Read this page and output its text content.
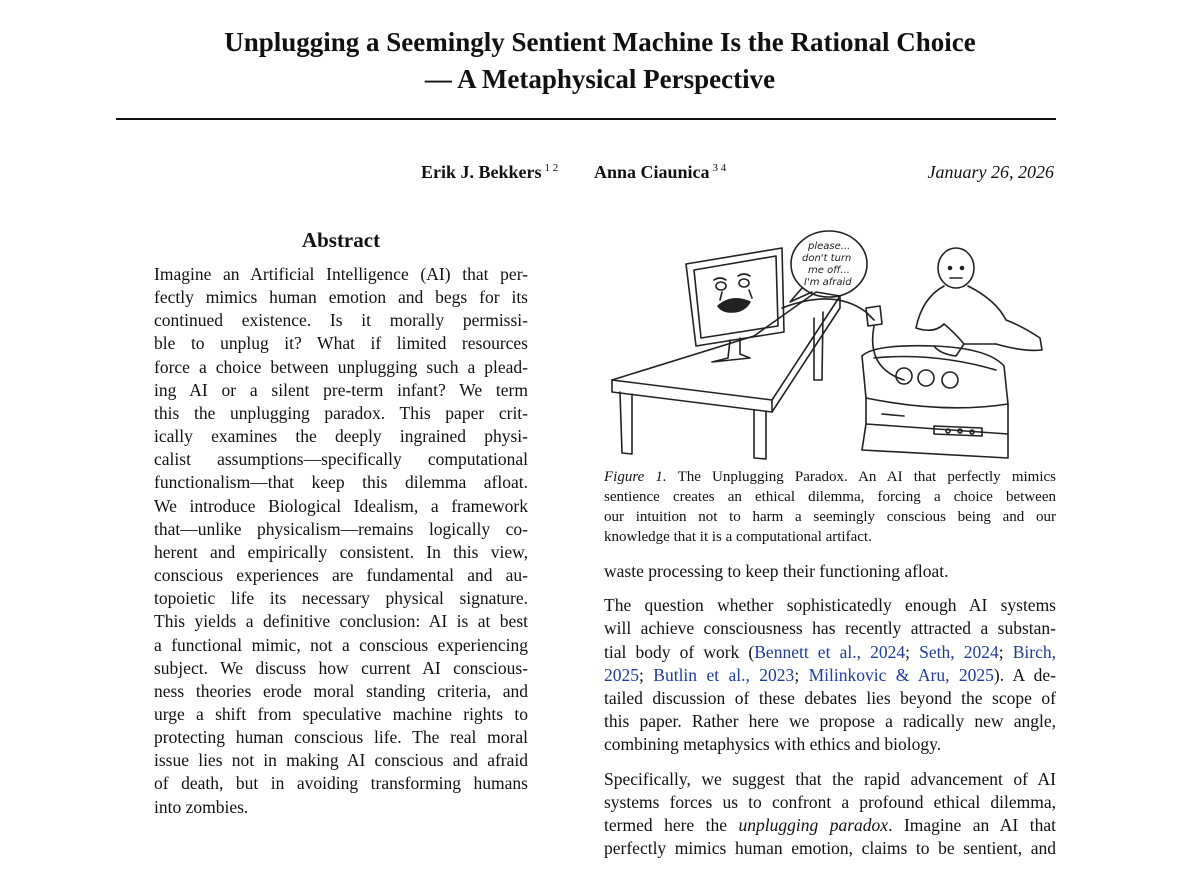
Unplugging a Seemingly Sentient Machine Is the Rational Choice
— A Metaphysical Perspective
Erik J. Bekkers $^{1 2}$ Anna Ciaunica $^{3 4}$	January 26, 2026
Abstract
Imagine an Artificial Intelligence (AI) that per-
fectly mimics human emotion and begs for its
continued existence. Is it morally permissi-
ble to unplug it? What if limited resources
force a choice between unplugging such a plead-
ing AI or a silent pre-term infant? We term
this the unplugging paradox. This paper crit-
ically examines the deeply ingrained physi-
calist assumptions—specifically computational
functionalism—that keep this dilemma afloat.
We introduce Biological Idealism, a framework
that—unlike physicalism—remains logically co-
herent and empirically consistent. In this view,
conscious experiences are fundamental and au-
topoietic life its necessary physical signature.
This yields a definitive conclusion: AI is at best
a functional mimic, not a conscious experiencing
subject. We discuss how current AI conscious-
ness theories erode moral standing criteria, and
urge a shift from speculative machine rights to
protecting human conscious life. The real moral
issue lies not in making AI conscious and afraid
of death, but in avoiding transforming humans
into zombies.
please...
don't turn
me off...
I'm afraid
Figure 1. The Unplugging Paradox. An AI that perfectly mimics
sentience creates an ethical dilemma, forcing a choice between
our intuition not to harm a seemingly conscious being and our
knowledge that it is a computational artifact.
waste processing to keep their functioning afloat.
The question whether sophisticatedly enough AI systems
will achieve consciousness has recently attracted a substan-
tial body of work (Bennett et al., 2024; Seth, 2024; Birch,
2025; Butlin et al., 2023; Milinkovic & Aru, 2025). A de-
tailed discussion of these debates lies beyond the scope of
this paper. Rather here we propose a radically new angle,
combining metaphysics with ethics and biology.
Specifically, we suggest that the rapid advancement of AI
systems forces us to confront a profound ethical dilemma,
termed here the unplugging paradox. Imagine an AI that
perfectly mimics human emotion, claims to be sentient, and
